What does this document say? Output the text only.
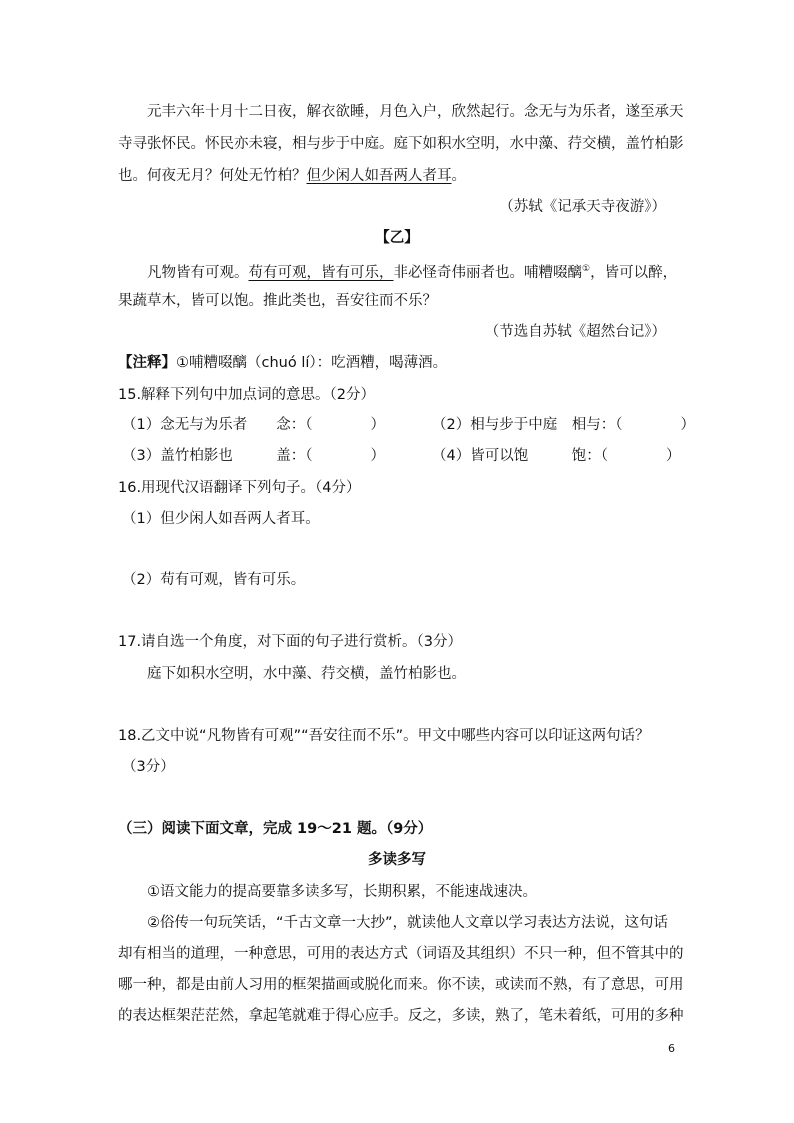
元丰六年十月十二日夜，解衣欲睡，月色入户，欣然起行。念无与为乐者，遂至承天

寺寻张怀民。怀民亦未寝，相与步于中庭。庭下如积水空明，水中藻、荇交横，盖竹柏影

也。何夜无月？何处无竹柏？但少闲人如吾两人者耳。

（苏轼《记承天寺夜游》）

【乙】

凡物皆有可观。苟有可观，皆有可乐，非必怪奇伟丽者也。哺糟啜醨①，皆可以醉，

果蔬草木，皆可以饱。推此类也，吾安往而不乐？

（节选自苏轼《超然台记》）

【注释】①哺糟啜醨（chuó lí）：吃酒糟，喝薄酒。

15.解释下列句中加点词的意思。（2分）

（1）念无与为乐者　　念：（　　　　）	（2）相与步于中庭　相与：（　　　　）

（3）盖竹柏影也　　　盖：（　　　　）	（4）皆可以饱　　　饱：（　　　　）

16.用现代汉语翻译下列句子。（4分）

（1）但少闲人如吾两人者耳。

（2）苟有可观，皆有可乐。

17.请自选一个角度，对下面的句子进行赏析。（3分）

庭下如积水空明，水中藻、荇交横，盖竹柏影也。

18.乙文中说“凡物皆有可观”“吾安往而不乐”。甲文中哪些内容可以印证这两句话？

（3分）

（三）阅读下面文章，完成 19～21 题。（9分）

多读多写

①语文能力的提高要靠多读多写，长期积累，不能速战速决。

②俗传一句玩笑话，“千古文章一大抄”，就读他人文章以学习表达方法说，这句话

却有相当的道理，一种意思，可用的表达方式（词语及其组织）不只一种，但不管其中的

哪一种，都是由前人习用的框架描画或脱化而来。你不读，或读而不熟，有了意思，可用

的表达框架茫茫然，拿起笔就难于得心应手。反之，多读，熟了，笔未着纸，可用的多种

6
